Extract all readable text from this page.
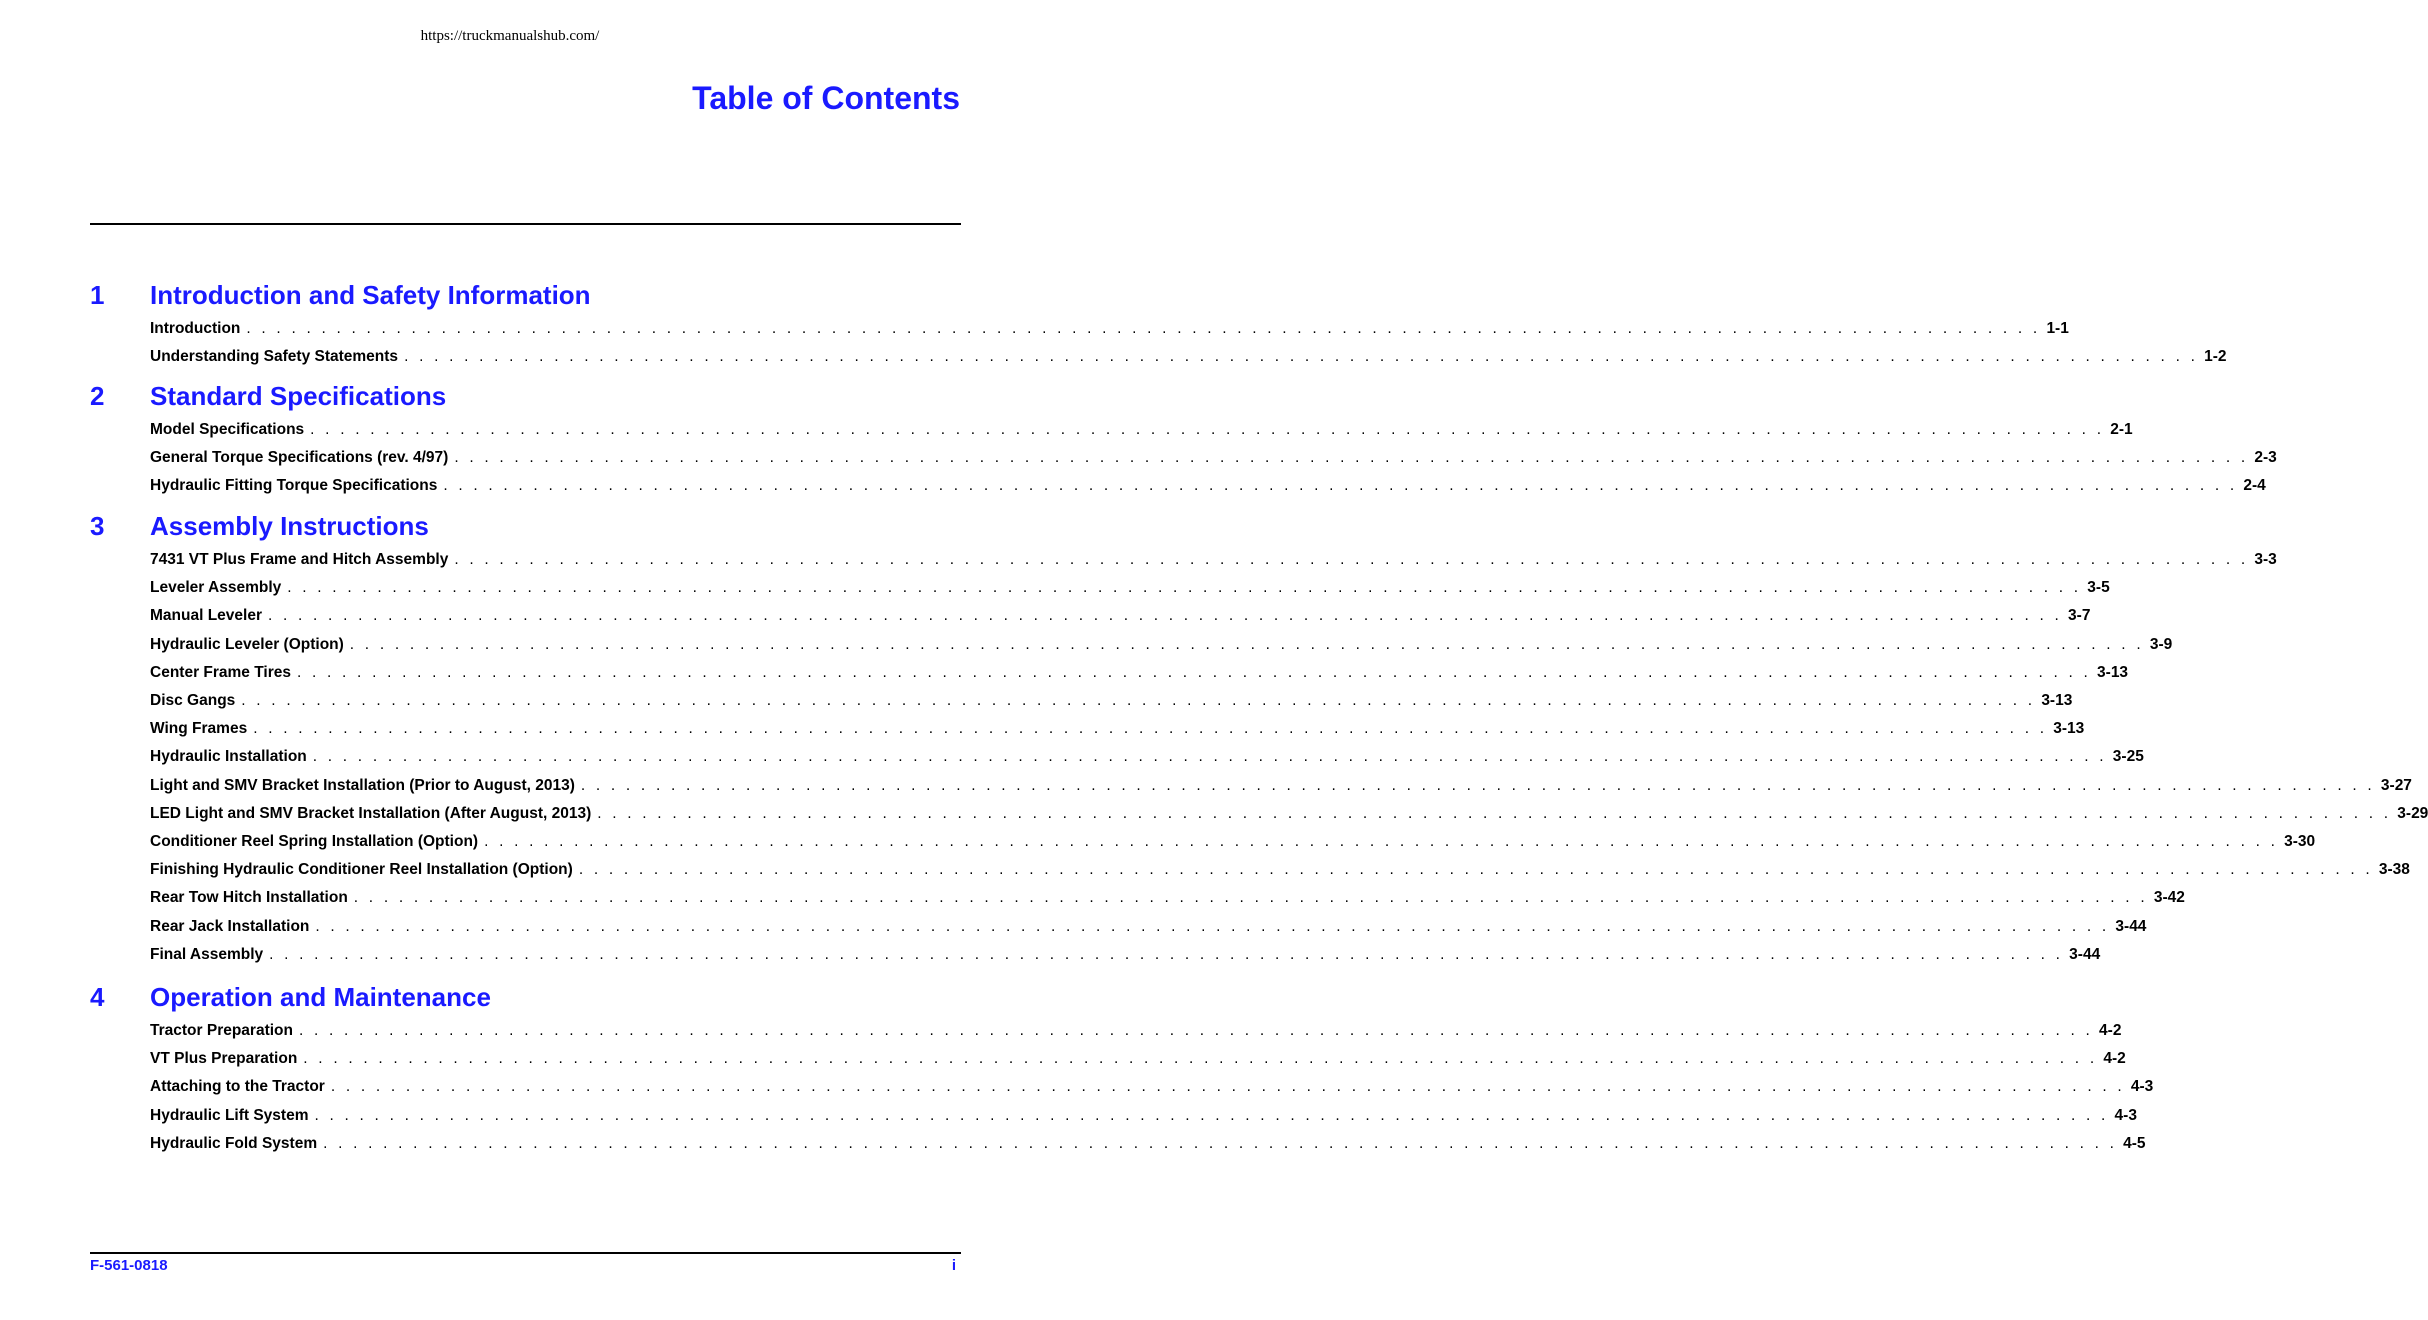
https://truckmanualshub.com/
Table of Contents
1 Introduction and Safety Information
Introduction . . . . . . . . . . . . . . . . . . . . . . . . . . . . . . . . . . . . . . . . . . . . . . . . . . . . . . . . . . . . . . . . . . . . . . . . . . . . . . . . . . . . . . . . . . . . . . . . . . . . . . . . . . . . . . . . . . . . . . . . 1-1
Understanding Safety Statements . . . . . . . . . . . . . . . . . . . . . . . . . . . . . . . . . . . . . . . . . . . . . . . . . . . . . . . . . . . . . . . . . . . . . . . . . . . . . . . . . . . . . . . . . . . . . . . . . . . . . . . . . . . . . . . . . . . . . . . . 1-2
2 Standard Specifications
Model Specifications . . . . . . . . . . . . . . . . . . . . . . . . . . . . . . . . . . . . . . . . . . . . . . . . . . . . . . . . . . . . . . . . . . . . . . . . . . . . . . . . . . . . . . . . . . . . . . . . . . . . . . . . . . . . . . . . . . . . . . . . 2-1
General Torque Specifications (rev. 4/97) . . . . . . . . . . . . . . . . . . . . . . . . . . . . . . . . . . . . . . . . . . . . . . . . . . . . . . . . . . . . . . . . . . . . . . . . . . . . . . . . . . . . . . . . . . . . . . . . . . . . . . . . . . . . . . . . . . . . . . . . 2-3
Hydraulic Fitting Torque Specifications . . . . . . . . . . . . . . . . . . . . . . . . . . . . . . . . . . . . . . . . . . . . . . . . . . . . . . . . . . . . . . . . . . . . . . . . . . . . . . . . . . . . . . . . . . . . . . . . . . . . . . . . . . . . . . . . . . . . . . . . 2-4
3 Assembly Instructions
7431 VT Plus Frame and Hitch Assembly . . . . . . . . . . . . . . . . . . . . . . . . . . . . . . . . . . . . . . . . . . . . . . . . . . . . . . . . . . . . . . . . . . . . . . . . . . . . . . . . . . . . . . . . . . . . . . . . . . . . . . . . . . . . . . . . . . . . . . . . 3-3
Leveler Assembly . . . . . . . . . . . . . . . . . . . . . . . . . . . . . . . . . . . . . . . . . . . . . . . . . . . . . . . . . . . . . . . . . . . . . . . . . . . . . . . . . . . . . . . . . . . . . . . . . . . . . . . . . . . . . . . . . . . . . . . . 3-5
Manual Leveler . . . . . . . . . . . . . . . . . . . . . . . . . . . . . . . . . . . . . . . . . . . . . . . . . . . . . . . . . . . . . . . . . . . . . . . . . . . . . . . . . . . . . . . . . . . . . . . . . . . . . . . . . . . . . . . . . . . . . . . . 3-7
Hydraulic Leveler (Option) . . . . . . . . . . . . . . . . . . . . . . . . . . . . . . . . . . . . . . . . . . . . . . . . . . . . . . . . . . . . . . . . . . . . . . . . . . . . . . . . . . . . . . . . . . . . . . . . . . . . . . . . . . . . . . . . . . . . . . . . 3-9
Center Frame Tires . . . . . . . . . . . . . . . . . . . . . . . . . . . . . . . . . . . . . . . . . . . . . . . . . . . . . . . . . . . . . . . . . . . . . . . . . . . . . . . . . . . . . . . . . . . . . . . . . . . . . . . . . . . . . . . . . . . . . . . . 3-13
Disc Gangs . . . . . . . . . . . . . . . . . . . . . . . . . . . . . . . . . . . . . . . . . . . . . . . . . . . . . . . . . . . . . . . . . . . . . . . . . . . . . . . . . . . . . . . . . . . . . . . . . . . . . . . . . . . . . . . . . . . . . . . . 3-13
Wing Frames . . . . . . . . . . . . . . . . . . . . . . . . . . . . . . . . . . . . . . . . . . . . . . . . . . . . . . . . . . . . . . . . . . . . . . . . . . . . . . . . . . . . . . . . . . . . . . . . . . . . . . . . . . . . . . . . . . . . . . . . 3-13
Hydraulic Installation . . . . . . . . . . . . . . . . . . . . . . . . . . . . . . . . . . . . . . . . . . . . . . . . . . . . . . . . . . . . . . . . . . . . . . . . . . . . . . . . . . . . . . . . . . . . . . . . . . . . . . . . . . . . . . . . . . . . . . . . 3-25
Light and SMV Bracket Installation (Prior to August, 2013) . . . . . . . . . . . . . . . . . . . . . . . . . . . . . . . . . . . . . . . . . . . . . . . . . . . . . . . . . . . . . . . . . . . . . . . . . . . . . . . . . . . . . . . . . . . . . . . . . . . . . . . . . . . . . . . . . . . . . . . . 3-27
LED Light and SMV Bracket Installation (After August, 2013) . . . . . . . . . . . . . . . . . . . . . . . . . . . . . . . . . . . . . . . . . . . . . . . . . . . . . . . . . . . . . . . . . . . . . . . . . . . . . . . . . . . . . . . . . . . . . . . . . . . . . . . . . . . . . . . . . . . . . . . . 3-29
Conditioner Reel Spring Installation (Option) . . . . . . . . . . . . . . . . . . . . . . . . . . . . . . . . . . . . . . . . . . . . . . . . . . . . . . . . . . . . . . . . . . . . . . . . . . . . . . . . . . . . . . . . . . . . . . . . . . . . . . . . . . . . . . . . . . . . . . . . 3-30
Finishing Hydraulic Conditioner Reel Installation (Option) . . . . . . . . . . . . . . . . . . . . . . . . . . . . . . . . . . . . . . . . . . . . . . . . . . . . . . . . . . . . . . . . . . . . . . . . . . . . . . . . . . . . . . . . . . . . . . . . . . . . . . . . . . . . . . . . . . . . . . . . 3-38
Rear Tow Hitch Installation . . . . . . . . . . . . . . . . . . . . . . . . . . . . . . . . . . . . . . . . . . . . . . . . . . . . . . . . . . . . . . . . . . . . . . . . . . . . . . . . . . . . . . . . . . . . . . . . . . . . . . . . . . . . . . . . . . . . . . . . 3-42
Rear Jack Installation . . . . . . . . . . . . . . . . . . . . . . . . . . . . . . . . . . . . . . . . . . . . . . . . . . . . . . . . . . . . . . . . . . . . . . . . . . . . . . . . . . . . . . . . . . . . . . . . . . . . . . . . . . . . . . . . . . . . . . . . 3-44
Final Assembly . . . . . . . . . . . . . . . . . . . . . . . . . . . . . . . . . . . . . . . . . . . . . . . . . . . . . . . . . . . . . . . . . . . . . . . . . . . . . . . . . . . . . . . . . . . . . . . . . . . . . . . . . . . . . . . . . . . . . . . . 3-44
4 Operation and Maintenance
Tractor Preparation . . . . . . . . . . . . . . . . . . . . . . . . . . . . . . . . . . . . . . . . . . . . . . . . . . . . . . . . . . . . . . . . . . . . . . . . . . . . . . . . . . . . . . . . . . . . . . . . . . . . . . . . . . . . . . . . . . . . . . . . 4-2
VT Plus Preparation . . . . . . . . . . . . . . . . . . . . . . . . . . . . . . . . . . . . . . . . . . . . . . . . . . . . . . . . . . . . . . . . . . . . . . . . . . . . . . . . . . . . . . . . . . . . . . . . . . . . . . . . . . . . . . . . . . . . . . . . 4-2
Attaching to the Tractor . . . . . . . . . . . . . . . . . . . . . . . . . . . . . . . . . . . . . . . . . . . . . . . . . . . . . . . . . . . . . . . . . . . . . . . . . . . . . . . . . . . . . . . . . . . . . . . . . . . . . . . . . . . . . . . . . . . . . . . . 4-3
Hydraulic Lift System . . . . . . . . . . . . . . . . . . . . . . . . . . . . . . . . . . . . . . . . . . . . . . . . . . . . . . . . . . . . . . . . . . . . . . . . . . . . . . . . . . . . . . . . . . . . . . . . . . . . . . . . . . . . . . . . . . . . . . . . 4-3
Hydraulic Fold System . . . . . . . . . . . . . . . . . . . . . . . . . . . . . . . . . . . . . . . . . . . . . . . . . . . . . . . . . . . . . . . . . . . . . . . . . . . . . . . . . . . . . . . . . . . . . . . . . . . . . . . . . . . . . . . . . . . . . . . . 4-5
F-561-0818	i
